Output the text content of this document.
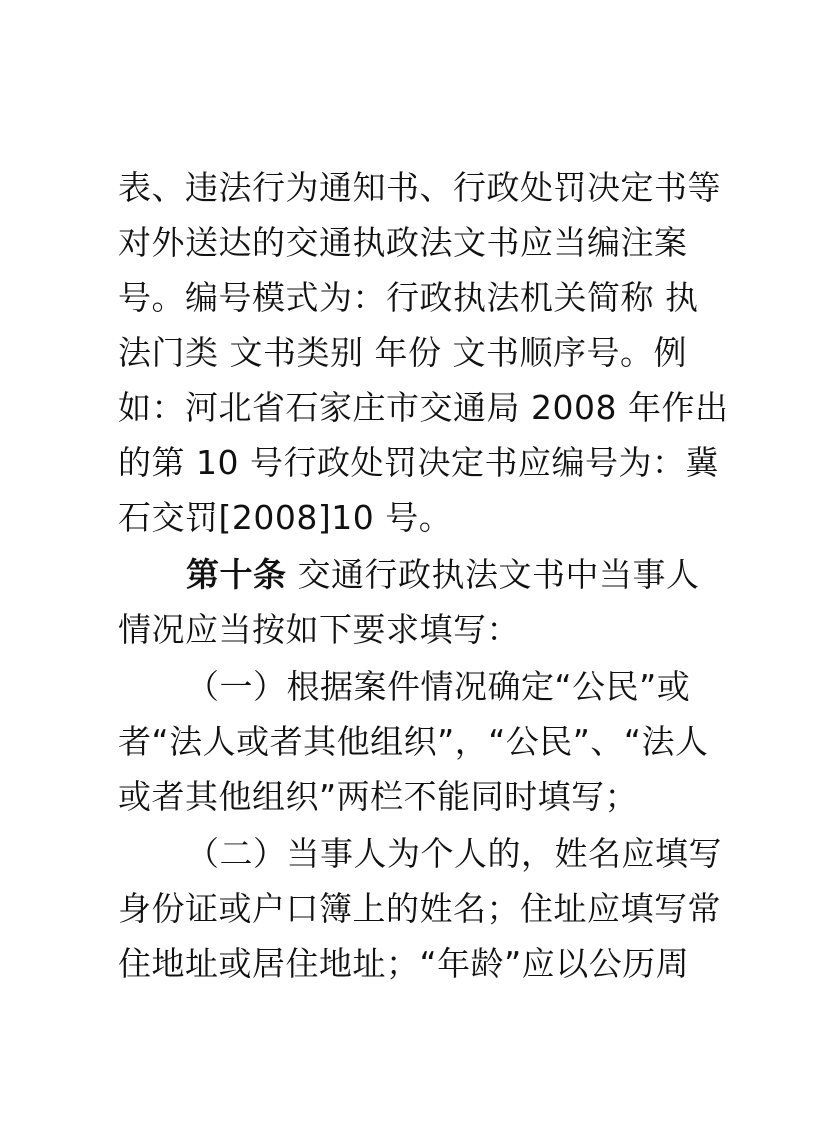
表、违法行为通知书、行政处罚决定书等
对外送达的交通执政法文书应当编注案
号。编号模式为：行政执法机关简称 执
法门类 文书类别 年份 文书顺序号。例
如：河北省石家庄市交通局 2008 年作出
的第 10 号行政处罚决定书应编号为：冀
石交罚[2008]10 号。
第十条 交通行政执法文书中当事人
情况应当按如下要求填写：
（一）根据案件情况确定“公民”或
者“法人或者其他组织”，“公民”、“法人
或者其他组织”两栏不能同时填写；
（二）当事人为个人的，姓名应填写
身份证或户口簿上的姓名；住址应填写常
住地址或居住地址；“年龄”应以公历周
